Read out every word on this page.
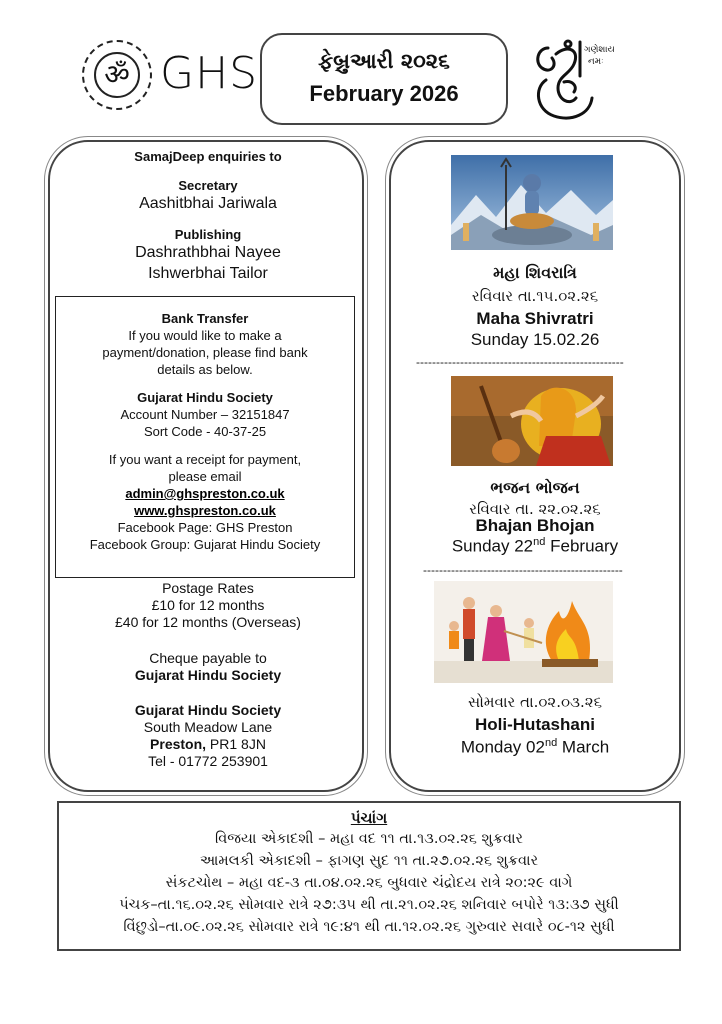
ॐ GHS	ફેબ્રુઆરી ૨૦૨૬
February 2026
ગણેશાય
નમઃ
SamajDeep enquiries to
Secretary
Aashitbhai Jariwala
Publishing
Dashrathbhai Nayee
Ishwerbhai Tailor
Bank Transfer
If you would like to make a
payment/donation, please find bank
details as below.
Gujarat Hindu Society
Account Number – 32151847
Sort Code - 40-37-25
If you want a receipt for payment,
please email
admin@ghspreston.co.uk
www.ghspreston.co.uk
Facebook Page: GHS Preston
Facebook Group: Gujarat Hindu Society
Postage Rates
£10 for 12 months
£40 for 12 months (Overseas)
Cheque payable to
Gujarat Hindu Society
Gujarat Hindu Society
South Meadow Lane
Preston, PR1 8JN
Tel - 01772 253901
મહા શિવરાત્રિ
રવિવાર તા.૧૫.૦૨.૨૬
Maha Shivratri
Sunday 15.02.26
----------------------------------------------------
ભજન ભોજન
રવિવાર તા. ૨૨.૦૨.૨૬
Bhajan Bhojan
Sunday 22nd February
--------------------------------------------------
સોમવાર તા.૦૨.૦૩.૨૬
Holi-Hutashani
Monday 02nd March
પંચાંગ
વિજયા એકાદશી – મહા વદ ૧૧ તા.૧૩.૦૨.૨૬ શુક્રવાર
આમલકી એકાદશી – ફાગણ સુદ ૧૧ તા.૨૭.૦૨.૨૬ શુક્રવાર
સંકટચોથ – મહા વદ-૩ તા.૦૪.૦૨.૨૬ બુધવાર ચંદ્રોદય રાત્રે ૨૦:૨૯ વાગે
પંચક–તા.૧૬.૦૨.૨૬ સોમવાર રાત્રે ૨૭:૩૫ થી તા.૨૧.૦૨.૨૬ શનિવાર બપોરે ૧૩:૩૭ સુધી
વિંછુડો–તા.૦૯.૦૨.૨૬ સોમવાર રાત્રે ૧૯:૪૧ થી તા.૧૨.૦૨.૨૬ ગુરુવાર સવારે ૦૮-૧૨ સુધી
